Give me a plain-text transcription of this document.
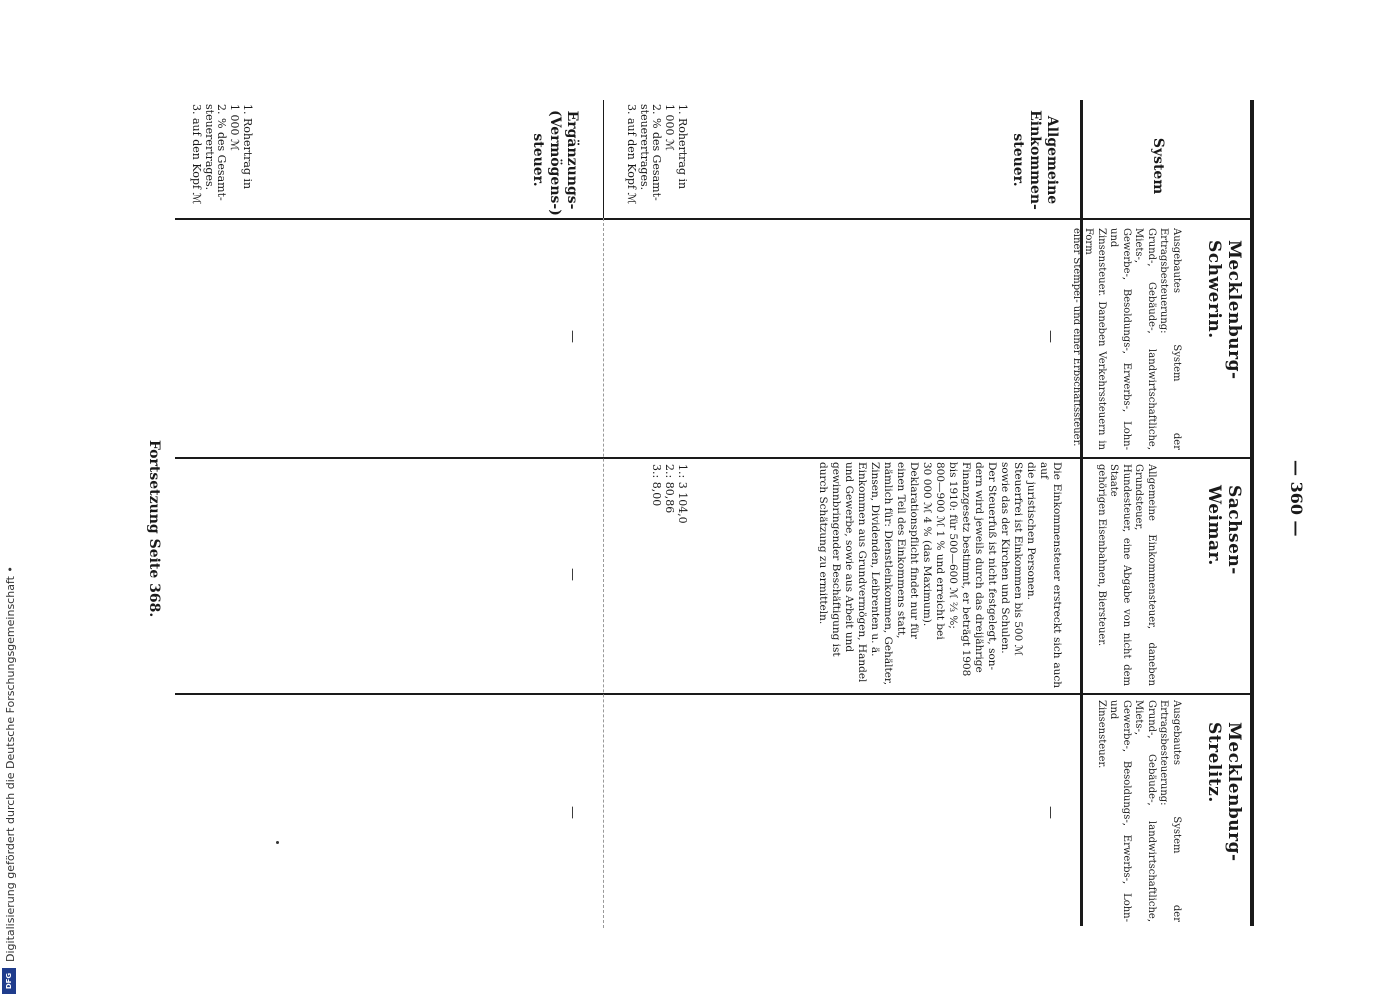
— 360 —
System
Mecklenburg-Schwerin.
Sachsen-Weimar.
Mecklenburg-Strelitz.
Ausgebautes System der Ertragsbesteuerung:
Grund-, Gebäude-, landwirtschaftliche, Miets-,
Gewerbe-, Besoldungs-, Erwerbs-, Lohn- und
Zinsensteuer. Daneben Verkehrssteuern in Form
einer Stempel- und einer Erbschaftssteuer.
Allgemeine Einkommensteuer, daneben Grundsteuer,
Hundesteuer, eine Abgabe von nicht dem Staate
gehörigen Eisenbahnen, Biersteuer.
Ausgebautes System der Ertragsbesteuerung:
Grund-, Gebäude-, landwirtschaftliche, Miets-,
Gewerbe-, Besoldungs-, Erwerbs-, Lohn- und
Zinsensteuer.
Allgemeine
Einkommen-
steuer.
1. Rohertrag in
1 000 ℳ
2. % des Gesamt-
steuerertrages.
3. auf den Kopf ℳ
—
—
Die Einkommensteuer erstreckt sich auch auf
die juristischen Personen.
Steuerfrei ist Einkommen bis 500 ℳ
sowie das der Kirchen und Schulen.
Der Steuerfuß ist nicht festgelegt, son-
dern wird jeweils durch das dreijährige
Finanzgesetz bestimmt, er beträgt 1908
bis 1910: für 500—600 ℳ ⅔ %;
800—900 ℳ 1 % und erreicht bei
30 000 ℳ 4 % (das Maximum).
Deklarationspflicht findet nur für
einen Teil des Einkommens statt,
nämlich für: Dienstleinkommen, Gehälter,
Zinsen, Dividenden, Leibrenten u. ä.
Einkommen aus Grundvermögen, Handel
und Gewerbe, sowie aus Arbeit und
gewinnbringender Beschäftigung ist
durch Schätzung zu ermitteln.
1.: 3 104,0
2.: 80,86
3.: 8,00
Ergänzungs-
(Vermögens-)
steuer.
1. Rohertrag in
1 000 ℳ
2. % des Gesamt-
steuerertrages.
3. auf den Kopf ℳ
—
—
—
Fortsetzung Seite 368.
Digitalisierung gefördert durch die Deutsche Forschungsgemeinschaft •
DFG
